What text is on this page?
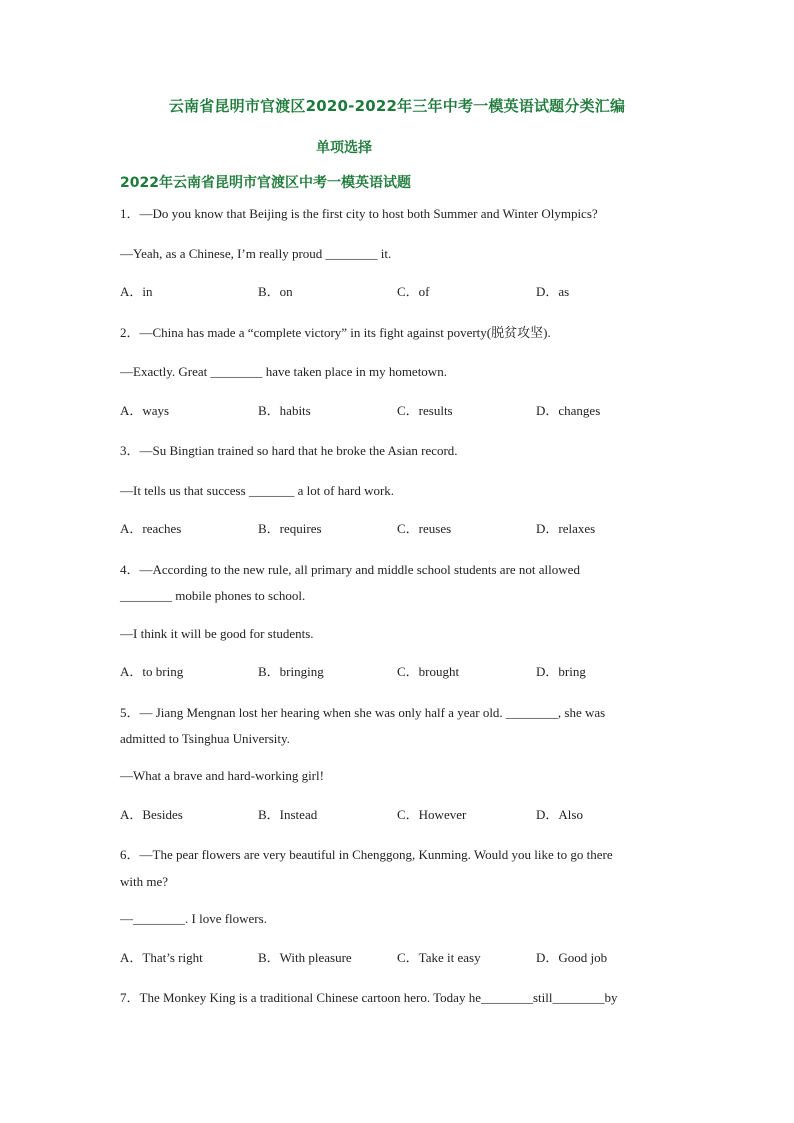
云南省昆明市官渡区2020-2022年三年中考一模英语试题分类汇编
单项选择
2022年云南省昆明市官渡区中考一模英语试题
1．—Do you know that Beijing is the first city to host both Summer and Winter Olympics?
—Yeah, as a Chinese, I’m really proud ________ it.
A．in	B．on	C．of	D．as
2．—China has made a “complete victory” in its fight against poverty(脱贫攻坚).
—Exactly. Great ________ have taken place in my hometown.
A．ways	B．habits	C．results	D．changes
3．—Su Bingtian trained so hard that he broke the Asian record.
—It tells us that success _______ a lot of hard work.
A．reaches	B．requires	C．reuses	D．relaxes
4．—According to the new rule, all primary and middle school students are not allowed
________ mobile phones to school.
—I think it will be good for students.
A．to bring	B．bringing	C．brought	D．bring
5．— Jiang Mengnan lost her hearing when she was only half a year old. ________, she was
admitted to Tsinghua University.
—What a brave and hard-working girl!
A．Besides	B．Instead	C．However	D．Also
6．—The pear flowers are very beautiful in Chenggong, Kunming. Would you like to go there
with me?
—________. I love flowers.
A．That’s right	B．With pleasure	C．Take it easy	D．Good job
7．The Monkey King is a traditional Chinese cartoon hero. Today he________still________by
